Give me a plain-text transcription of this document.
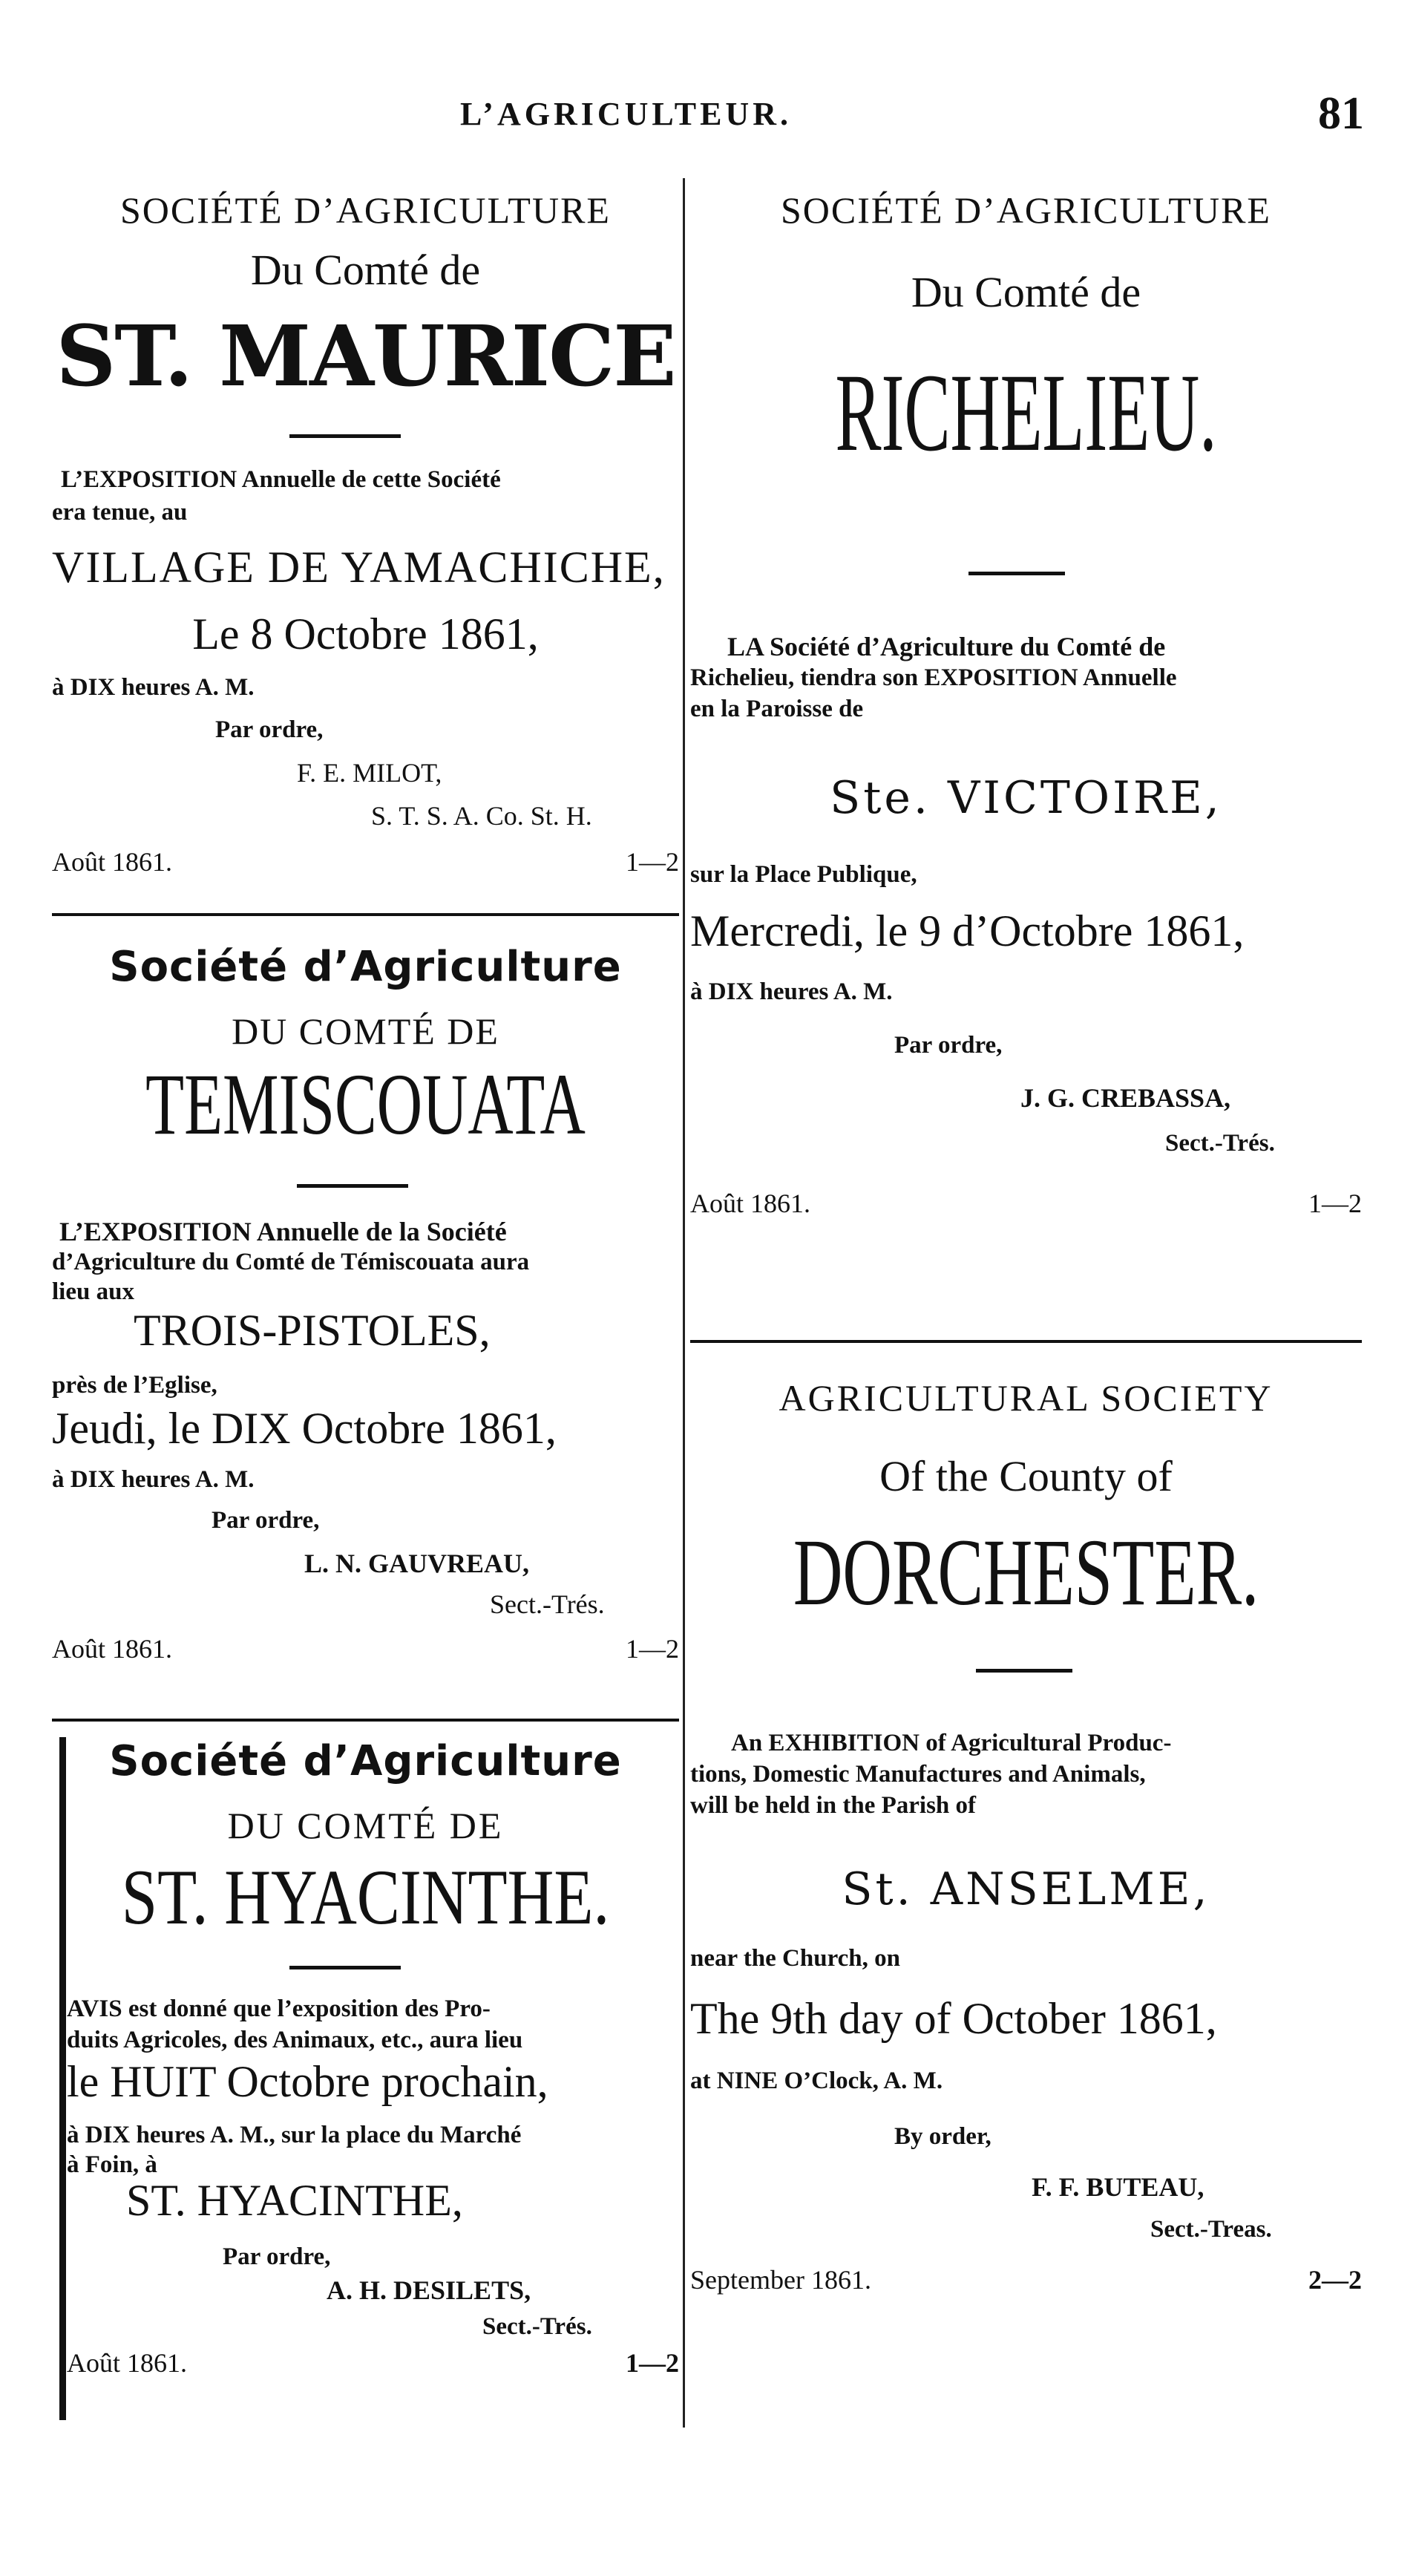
L’AGRICULTEUR.	81
SOCIÉTÉ D’AGRICULTURE
Du Comté de
ST. MAURICE
L’EXPOSITION Annuelle de cette Société
era tenue, au
VILLAGE DE YAMACHICHE,
Le 8 Octobre 1861,
à DIX heures A. M.
Par ordre,
F. E. MILOT,
S. T. S. A. Co. St. H.
Août 1861.	1—2
Société d’Agriculture
DU COMTÉ DE
TEMISCOUATA
L’EXPOSITION Annuelle de la Société
d’Agriculture du Comté de Témiscouata aura
lieu aux
TROIS-PISTOLES,
près de l’Eglise,
Jeudi, le DIX Octobre 1861,
à DIX heures A. M.
Par ordre,
L. N. GAUVREAU,
Sect.-Trés.
Août 1861.	1—2
Société d’Agriculture
DU COMTÉ DE
ST. HYACINTHE.
AVIS est donné que l’exposition des Pro-
duits Agricoles, des Animaux, etc., aura lieu
le HUIT Octobre prochain,
à DIX heures A. M., sur la place du Marché
à Foin, à
ST. HYACINTHE,
Par ordre,
A. H. DESILETS,
Sect.-Trés.
Août 1861.	1—2
SOCIÉTÉ D’AGRICULTURE
Du Comté de
RICHELIEU.
LA Société d’Agriculture du Comté de
Richelieu, tiendra son EXPOSITION Annuelle
en la Paroisse de
Ste. VICTOIRE,
sur la Place Publique,
Mercredi, le 9 d’Octobre 1861,
à DIX heures A. M.
Par ordre,
J. G. CREBASSA,
Sect.-Trés.
Août 1861.	1—2
AGRICULTURAL SOCIETY
Of the County of
DORCHESTER.
An EXHIBITION of Agricultural Produc-
tions, Domestic Manufactures and Animals,
will be held in the Parish of
St. ANSELME,
near the Church, on
The 9th day of October 1861,
at NINE O’Clock, A. M.
By order,
F. F. BUTEAU,
Sect.-Treas.
September 1861.	2—2
